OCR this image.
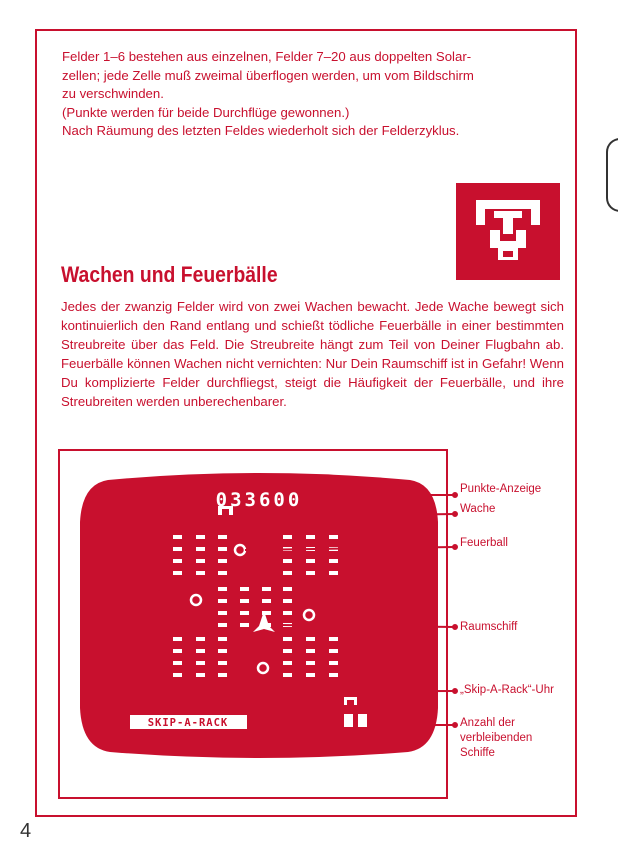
Felder 1–6 bestehen aus einzelnen, Felder 7–20 aus doppelten Solar-

zellen; jede Zelle muß zweimal überflogen werden, um vom Bildschirm

zu verschwinden.

(Punkte werden für beide Durchflüge gewonnen.)

Nach Räumung des letzten Feldes wiederholt sich der Felderzyklus.

Wachen und Feuerbälle

Jedes der zwanzig Felder wird von zwei Wachen bewacht. Jede Wache bewegt sich kontinuierlich den Rand entlang und schießt tödliche Feuerbälle in einer bestimmten Streubreite über das Feld. Die Streubreite hängt zum Teil von Deiner Flugbahn ab. Feuerbälle können Wachen nicht vernichten: Nur Dein Raumschiff ist in Gefahr! Wenn Du komplizierte Felder durchfliegst, steigt die Häufigkeit der Feuerbälle, und ihre Streubreiten werden unberechenbarer.

033600
SKIP-A-RACK
Punkte-Anzeige
Wache
Feuerball
Raumschiff
„Skip-A-Rack“-Uhr
Anzahl der
verbleibenden
Schiffe
4
